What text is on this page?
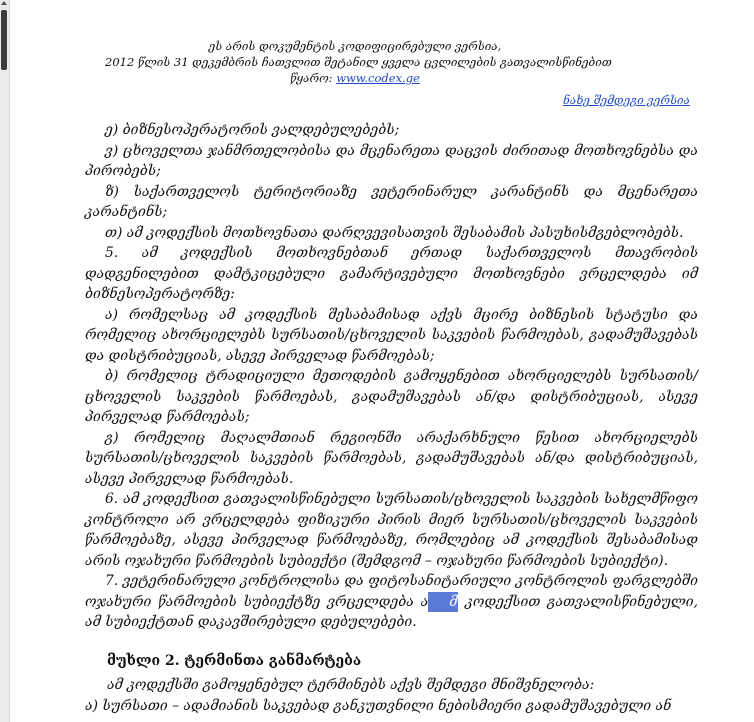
ეს არის დოკუმენტის კოდიფიცირებული ვერსია,
2012 წლის 31 დეკემბრის ჩათვლით შეტანილ ყველა ცვლილების გათვალისწინებით
წყარო: www.codex.ge
ნახე შემდეგი ვერსია

ე) ბიზნესოპერატორის ვალდებულებებს;

ვ) ცხოველთა ჯანმრთელობისა და მცენარეთა დაცვის ძირითად მოთხოვნებსა და პირობებს;

ზ) საქართველოს ტერიტორიაზე ვეტერინარულ კარანტინს და მცენარეთა კარანტინს;

თ) ამ კოდექსის მოთხოვნათა დარღვევისათვის შესაბამის პასუხისმგებლობებს.

5. ამ კოდექსის მოთხოვნებთან ერთად საქართველოს მთავრობის დადგენილებით დამტკიცებული გამარტივებული მოთხოვნები ვრცელდება იმ ბიზნესოპერატორზე:

ა) რომელსაც ამ კოდექსის შესაბამისად აქვს მცირე ბიზნესის სტატუსი და რომელიც ახორციელებს სურსათის/ცხოველის საკვების წარმოებას, გადამუშავებას და დისტრიბუციას, ასევე პირველად წარმოებას;

ბ) რომელიც ტრადიციული მეთოდების გამოყენებით ახორციელებს სურსათის/ცხოველის საკვების წარმოებას, გადამუშავებას ან/და დისტრიბუციას, ასევე პირველად წარმოებას;

გ) რომელიც მაღალმთიან რეგიონში არაქარხნული წესით ახორციელებს სურსათის/ცხოველის საკვების წარმოებას, გადამუშავებას ან/და დისტრიბუციას, ასევე პირველად წარმოებას.

6. ამ კოდექსით გათვალისწინებული სურსათის/ცხოველის საკვების სახელმწიფო კონტროლი არ ვრცელდება ფიზიკური პირის მიერ სურსათის/ცხოველის საკვების წარმოებაზე, ასევე პირველად წარმოებაზე, რომლებიც ამ კოდექსის შესაბამისად არის ოჯახური წარმოების სუბიექტი (შემდგომ – ოჯახური წარმოების სუბიექტი).

7. ვეტერინარული კონტროლისა და ფიტოსანიტარიული კონტროლის ფარგლებში ოჯახური წარმოების სუბიექტზე ვრცელდება ა მ კოდექსით გათვალისწინებული, ამ სუბიექტთან დაკავშირებული დებულებები.

მუხლი 2. ტერმინთა განმარტება
ამ კოდექსში გამოყენებულ ტერმინებს აქვს შემდეგი მნიშვნელობა:
ა) სურსათი – ადამიანის საკვებად განკუთვნილი ნებისმიერი გადამუშავებული ან
